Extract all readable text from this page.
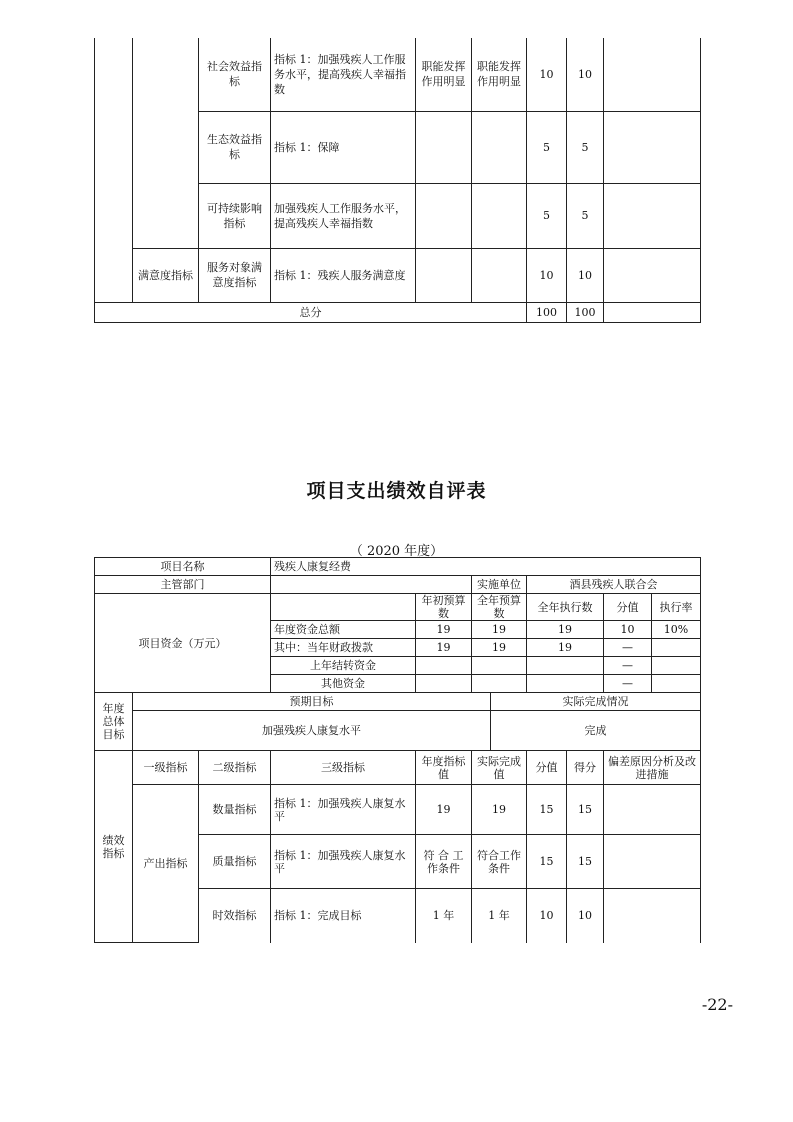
		社会效益指标	指标 1：加强残疾人工作服务水平，提高残疾人幸福指数	职能发挥作用明显	职能发挥作用明显	10	10	
		生态效益指标	指标 1：保障			5	5	
		可持续影响指标	加强残疾人工作服务水平，提高残疾人幸福指数			5	5	
	满意度指标	服务对象满意度指标	指标 1：残疾人服务满意度			10	10	
总分						100	100	
项目支出绩效自评表
（ 2020 年度）
项目名称			残疾人康复经费							
主管部门					实施单位		酒县残疾人联合会			
项目资金（万元）				年初预算数	全年预算数		全年执行数		分值	执行率
			年度资金总额	19	19		19		10	10%
			其中：当年财政拨款	19	19		19		—	
			上年结转资金						—	
			其他资金						—	
年度总体目标	预期目标					实际完成情况				
	加强残疾人康复水平					完成				
绩效指标	一级指标	二级指标	三级指标	年度指标值	实际完成值		分值	得分	偏差原因分析及改进措施	
	产出指标	数量指标	指标 1：加强残疾人康复水平	19	19		15	15		
		质量指标	指标 1：加强残疾人康复水平	符 合 工作条件	符合工作条件		15	15		
		时效指标	指标 1：完成目标	1 年	1 年		10	10		
-22-
